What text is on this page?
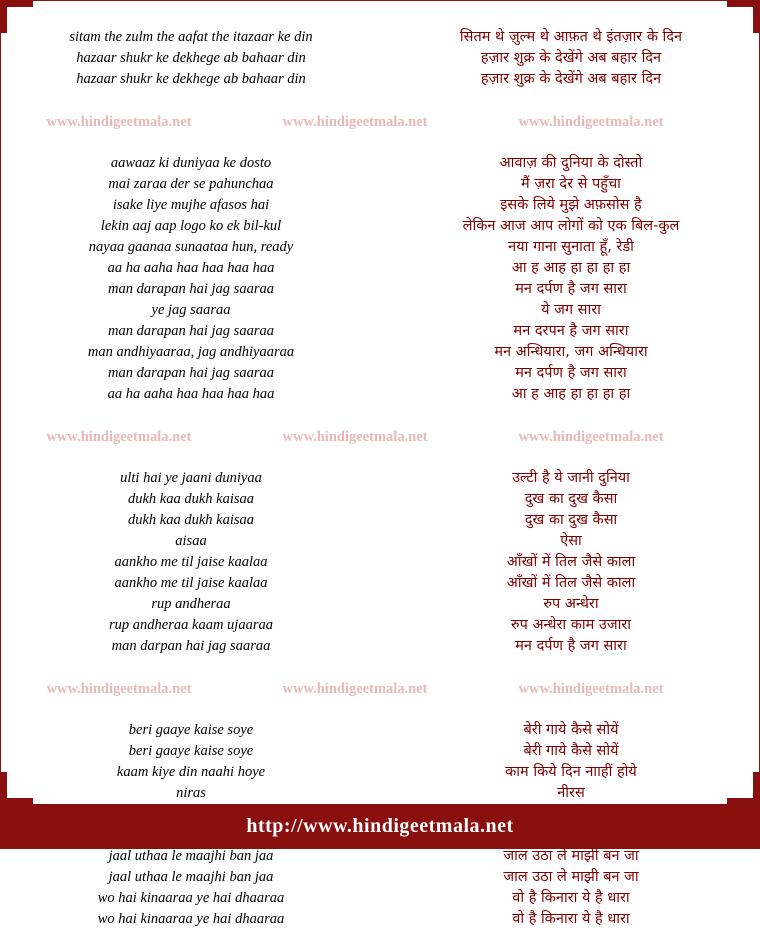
sitam the zulm the aafat the itazaar ke din	सितम थे ज़ुल्म थे आफ़त थे इंतज़ार के दिन
hazaar shukr ke dekhege ab bahaar din	हज़ार शुक्र के देखेंगे अब बहार दिन
hazaar shukr ke dekhege ab bahaar din	हज़ार शुक्र के देखेंगे अब बहार दिन
www.hindigeetmala.net	www.hindigeetmala.net	www.hindigeetmala.net
aawaaz ki duniyaa ke dosto	आवाज़ की दुनिया के दोस्तो
mai zaraa der se pahunchaa	मैं ज़रा देर से पहुँचा
isake liye mujhe afasos hai	इसके लिये मुझे अफ़सोस है
lekin aaj aap logo ko ek bil-kul	लेकिन आज आप लोगों को एक बिल-कुल
nayaa gaanaa sunaataa hun, ready	नया गाना सुनाता हूँ, रेडी
aa ha aaha haa haa haa haa	आ ह आह हा हा हा हा
man darapan hai jag saaraa	मन दर्पण है जग सारा
ye jag saaraa	ये जग सारा
man darapan hai jag saaraa	मन दरपन है जग सारा
man andhiyaaraa, jag andhiyaaraa	मन अन्धियारा, जग अन्धियारा
man darapan hai jag saaraa	मन दर्पण है जग सारा
aa ha aaha haa haa haa haa	आ ह आह हा हा हा हा
www.hindigeetmala.net	www.hindigeetmala.net	www.hindigeetmala.net
ulti hai ye jaani duniyaa	उल्टी है ये जानी दुनिया
dukh kaa dukh kaisaa	दुख का दुख कैसा
dukh kaa dukh kaisaa	दुख का दुख कैसा
aisaa	ऐसा
aankho me til jaise kaalaa	आँखों में तिल जैसे काला
aankho me til jaise kaalaa	आँखों में तिल जैसे काला
rup andheraa	रुप अन्धेरा
rup andheraa kaam ujaaraa	रुप अन्धेरा काम उजारा
man darpan hai jag saaraa	मन दर्पण है जग सारा
www.hindigeetmala.net	www.hindigeetmala.net	www.hindigeetmala.net
beri gaaye kaise soye	बेरी गाये कैसे सोयें
beri gaaye kaise soye	बेरी गाये कैसे सोयें
kaam kiye din naahi hoye	काम किये दिन नााहीं होये
niras	नीरस
jaal uthaa le maajhi ban jaa	जाल उठा ले माझी बन जा
jaal uthaa le maajhi ban jaa	जाल उठा ले माझी बन जा
wo hai kinaaraa ye hai dhaaraa	वो है किनारा ये है धारा
wo hai kinaaraa ye hai dhaaraa	वो है किनारा ये है धारा
http://www.hindigeetmala.net
